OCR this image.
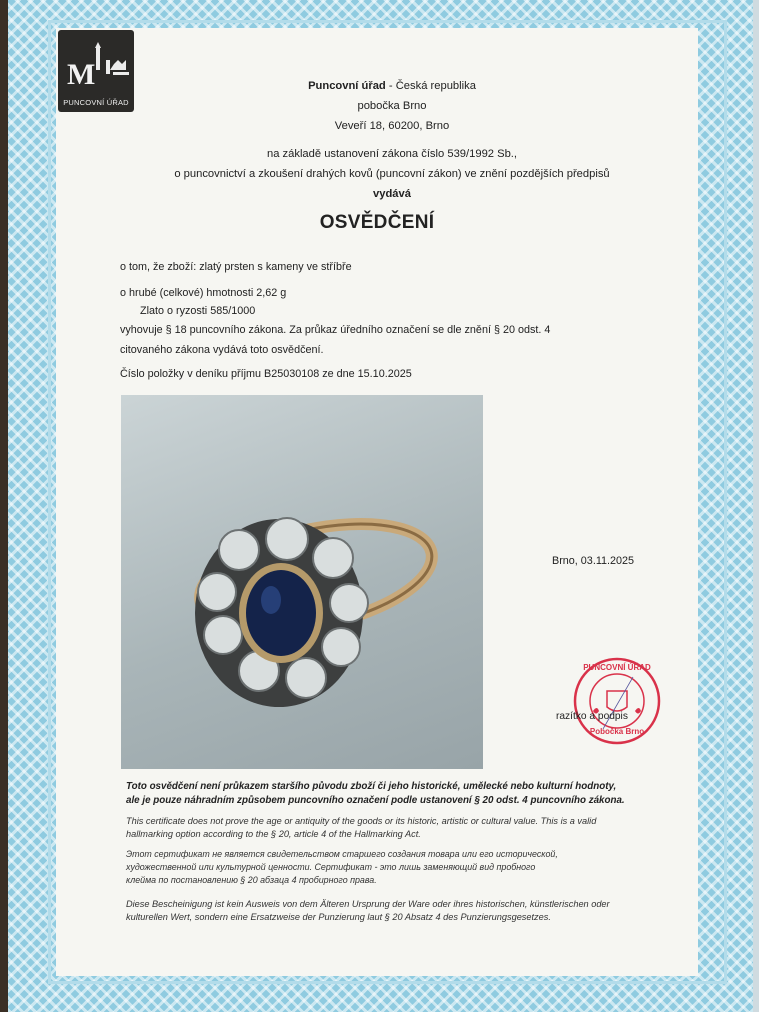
M
PUNCOVNÍ ÚŘAD
Puncovní úřad - Česká republika
pobočka Brno
Veveří 18, 60200, Brno
na základě ustanovení zákona číslo 539/1992 Sb.,
o puncovnictví a zkoušení drahých kovů (puncovní zákon) ve znění pozdějších předpisů
vydává
OSVĚDČENÍ
o tom, že zboží: zlatý prsten s kameny ve stříbře
o hrubé (celkové) hmotnosti 2,62 g
Zlato o ryzosti 585/1000
vyhovuje § 18 puncovního zákona. Za průkaz úředního označení se dle znění § 20 odst. 4
citovaného zákona vydává toto osvědčení.
Číslo položky v deníku příjmu B25030108 ze dne 15.10.2025
Brno, 03.11.2025
PUNCOVNÍ ÚŘAD
Pobočka Brno
razítko a podpis
Toto osvědčení není průkazem staršího původu zboží či jeho historické, umělecké nebo kulturní hodnoty,
ale je pouze náhradním způsobem puncovního označení podle ustanovení § 20 odst. 4 puncovního zákona.
This certificate does not prove the age or antiquity of the goods or its historic, artistic or cultural value. This is a valid
hallmarking option according to the § 20, article 4 of the Hallmarking Act.
Этот сертификат не является свидетельством старшего создания товара или его исторической,
художественной или культурной ценности. Сертификат - это лишь заменяющий вид пробного
клейма по постановлению § 20 абзаца 4 пробирного права.
Diese Bescheinigung ist kein Ausweis von dem Älteren Ursprung der Ware oder ihres historischen, künstlerischen oder
kulturellen Wert, sondern eine Ersatzweise der Punzierung laut § 20 Absatz 4 des Punzierungsgesetzes.
